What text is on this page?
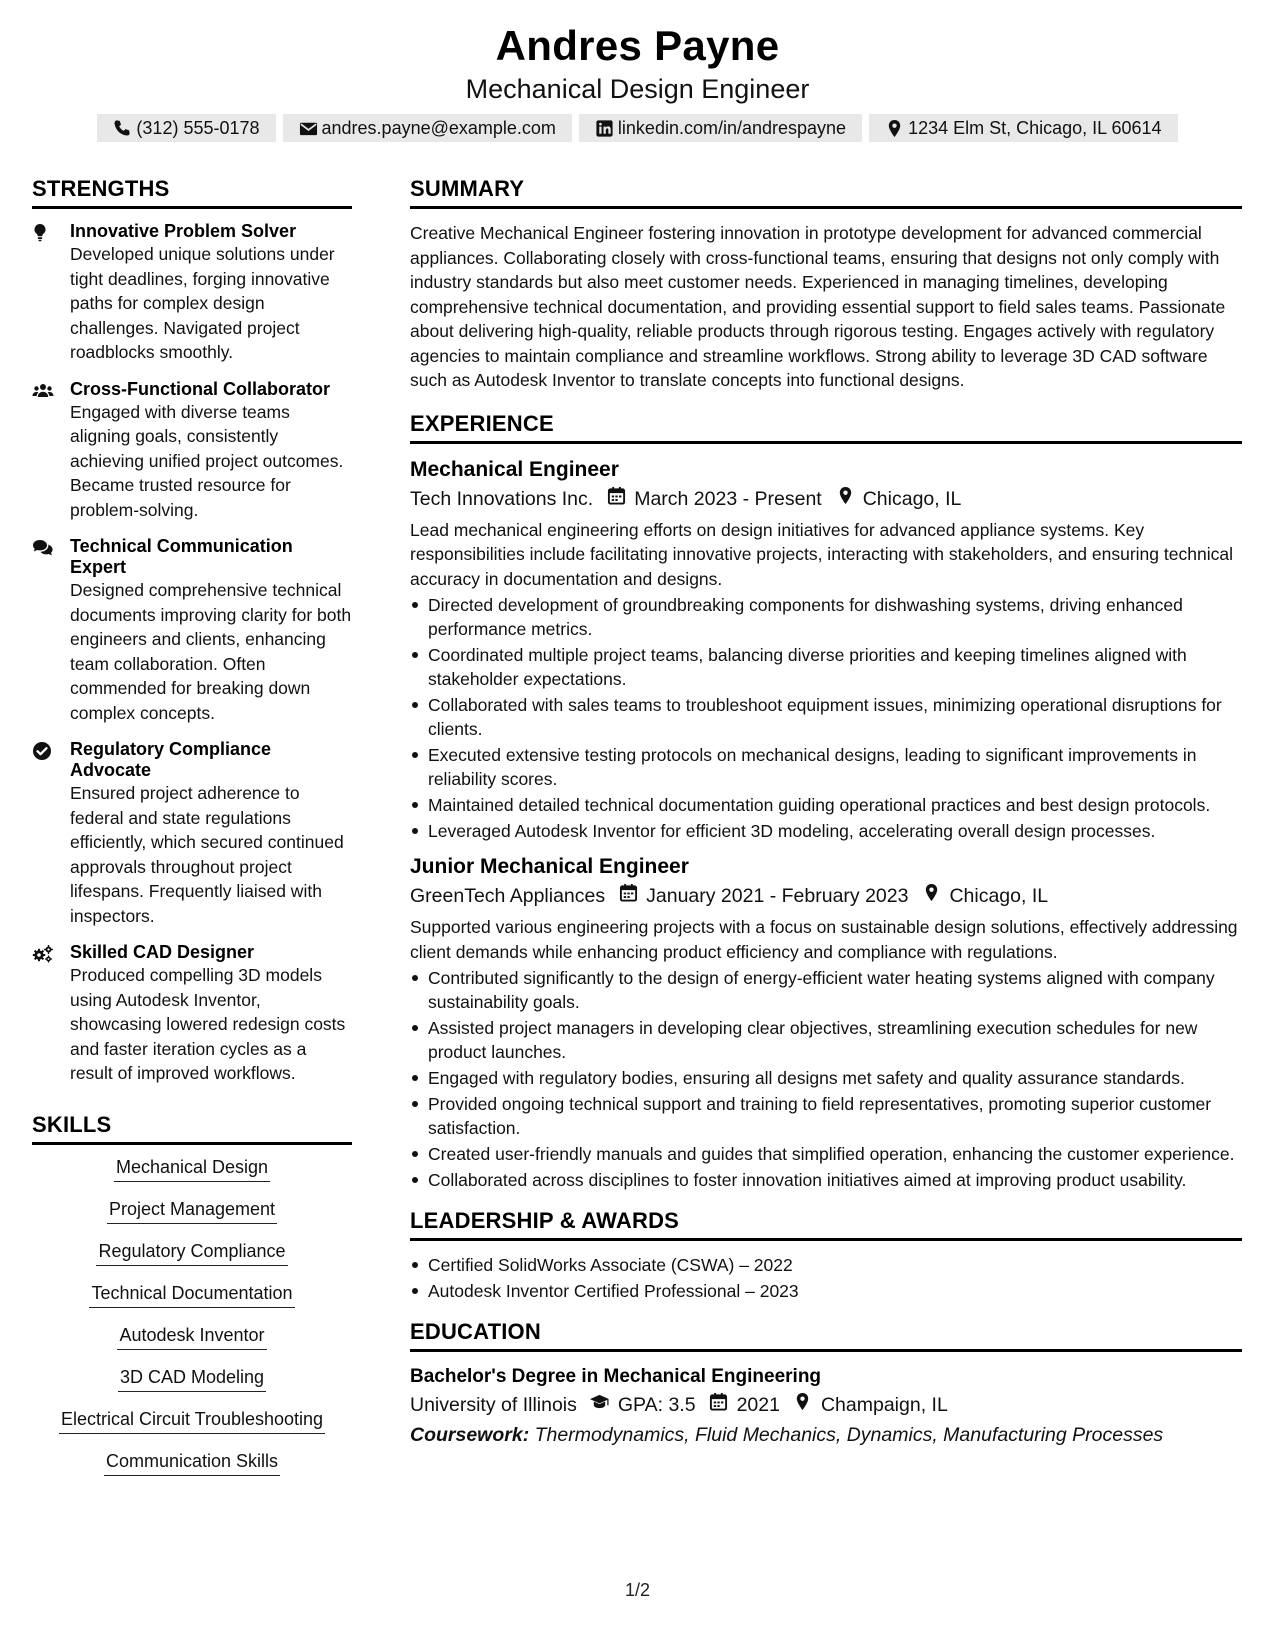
Andres Payne
Mechanical Design Engineer
(312) 555-0178	andres.payne@example.com	linkedin.com/in/andrespayne	1234 Elm St, Chicago, IL 60614
STRENGTHS
Innovative Problem Solver
Developed unique solutions under tight deadlines, forging innovative paths for complex design challenges. Navigated project roadblocks smoothly.
Cross-Functional Collaborator
Engaged with diverse teams aligning goals, consistently achieving unified project outcomes. Became trusted resource for problem-solving.
Technical Communication Expert
Designed comprehensive technical documents improving clarity for both engineers and clients, enhancing team collaboration. Often commended for breaking down complex concepts.
Regulatory Compliance Advocate
Ensured project adherence to federal and state regulations efficiently, which secured continued approvals throughout project lifespans. Frequently liaised with inspectors.
Skilled CAD Designer
Produced compelling 3D models using Autodesk Inventor, showcasing lowered redesign costs and faster iteration cycles as a result of improved workflows.
SKILLS
Mechanical Design
Project Management
Regulatory Compliance
Technical Documentation
Autodesk Inventor
3D CAD Modeling
Electrical Circuit Troubleshooting
Communication Skills
SUMMARY
Creative Mechanical Engineer fostering innovation in prototype development for advanced commercial appliances. Collaborating closely with cross-functional teams, ensuring that designs not only comply with industry standards but also meet customer needs. Experienced in managing timelines, developing comprehensive technical documentation, and providing essential support to field sales teams. Passionate about delivering high-quality, reliable products through rigorous testing. Engages actively with regulatory agencies to maintain compliance and streamline workflows. Strong ability to leverage 3D CAD software such as Autodesk Inventor to translate concepts into functional designs.
EXPERIENCE
Mechanical Engineer
Tech Innovations Inc. March 2023 - Present Chicago, IL
Lead mechanical engineering efforts on design initiatives for advanced appliance systems. Key responsibilities include facilitating innovative projects, interacting with stakeholders, and ensuring technical accuracy in documentation and designs.
Directed development of groundbreaking components for dishwashing systems, driving enhanced performance metrics.
Coordinated multiple project teams, balancing diverse priorities and keeping timelines aligned with stakeholder expectations.
Collaborated with sales teams to troubleshoot equipment issues, minimizing operational disruptions for clients.
Executed extensive testing protocols on mechanical designs, leading to significant improvements in reliability scores.
Maintained detailed technical documentation guiding operational practices and best design protocols.
Leveraged Autodesk Inventor for efficient 3D modeling, accelerating overall design processes.
Junior Mechanical Engineer
GreenTech Appliances January 2021 - February 2023 Chicago, IL
Supported various engineering projects with a focus on sustainable design solutions, effectively addressing client demands while enhancing product efficiency and compliance with regulations.
Contributed significantly to the design of energy-efficient water heating systems aligned with company sustainability goals.
Assisted project managers in developing clear objectives, streamlining execution schedules for new product launches.
Engaged with regulatory bodies, ensuring all designs met safety and quality assurance standards.
Provided ongoing technical support and training to field representatives, promoting superior customer satisfaction.
Created user-friendly manuals and guides that simplified operation, enhancing the customer experience.
Collaborated across disciplines to foster innovation initiatives aimed at improving product usability.
LEADERSHIP & AWARDS
Certified SolidWorks Associate (CSWA) – 2022
Autodesk Inventor Certified Professional – 2023
EDUCATION
Bachelor's Degree in Mechanical Engineering
University of Illinois GPA: 3.5 2021 Champaign, IL
Coursework: Thermodynamics, Fluid Mechanics, Dynamics, Manufacturing Processes
1/2
